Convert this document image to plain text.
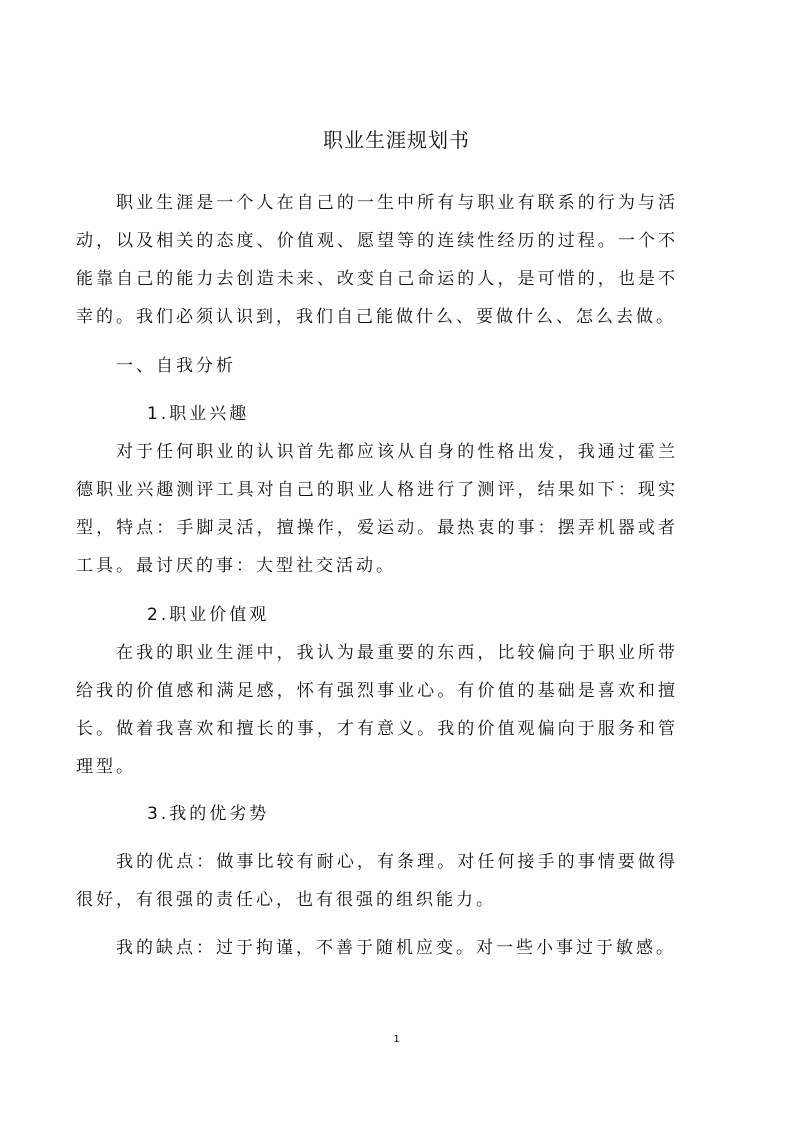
职业生涯规划书
职业生涯是一个人在自己的一生中所有与职业有联系的行为与活动，以及相关的态度、价值观、愿望等的连续性经历的过程。一个不能靠自己的能力去创造未来、改变自己命运的人，是可惜的，也是不幸的。我们必须认识到，我们自己能做什么、要做什么、怎么去做。
一、自我分析
1.职业兴趣
对于任何职业的认识首先都应该从自身的性格出发，我通过霍兰德职业兴趣测评工具对自己的职业人格进行了测评，结果如下：现实型，特点：手脚灵活，擅操作，爱运动。最热衷的事：摆弄机器或者工具。最讨厌的事：大型社交活动。
2.职业价值观
在我的职业生涯中，我认为最重要的东西，比较偏向于职业所带给我的价值感和满足感，怀有强烈事业心。有价值的基础是喜欢和擅长。做着我喜欢和擅长的事，才有意义。我的价值观偏向于服务和管理型。
3.我的优劣势
我的优点：做事比较有耐心，有条理。对任何接手的事情要做得很好，有很强的责任心，也有很强的组织能力。
我的缺点：过于拘谨，不善于随机应变。对一些小事过于敏感。
1
